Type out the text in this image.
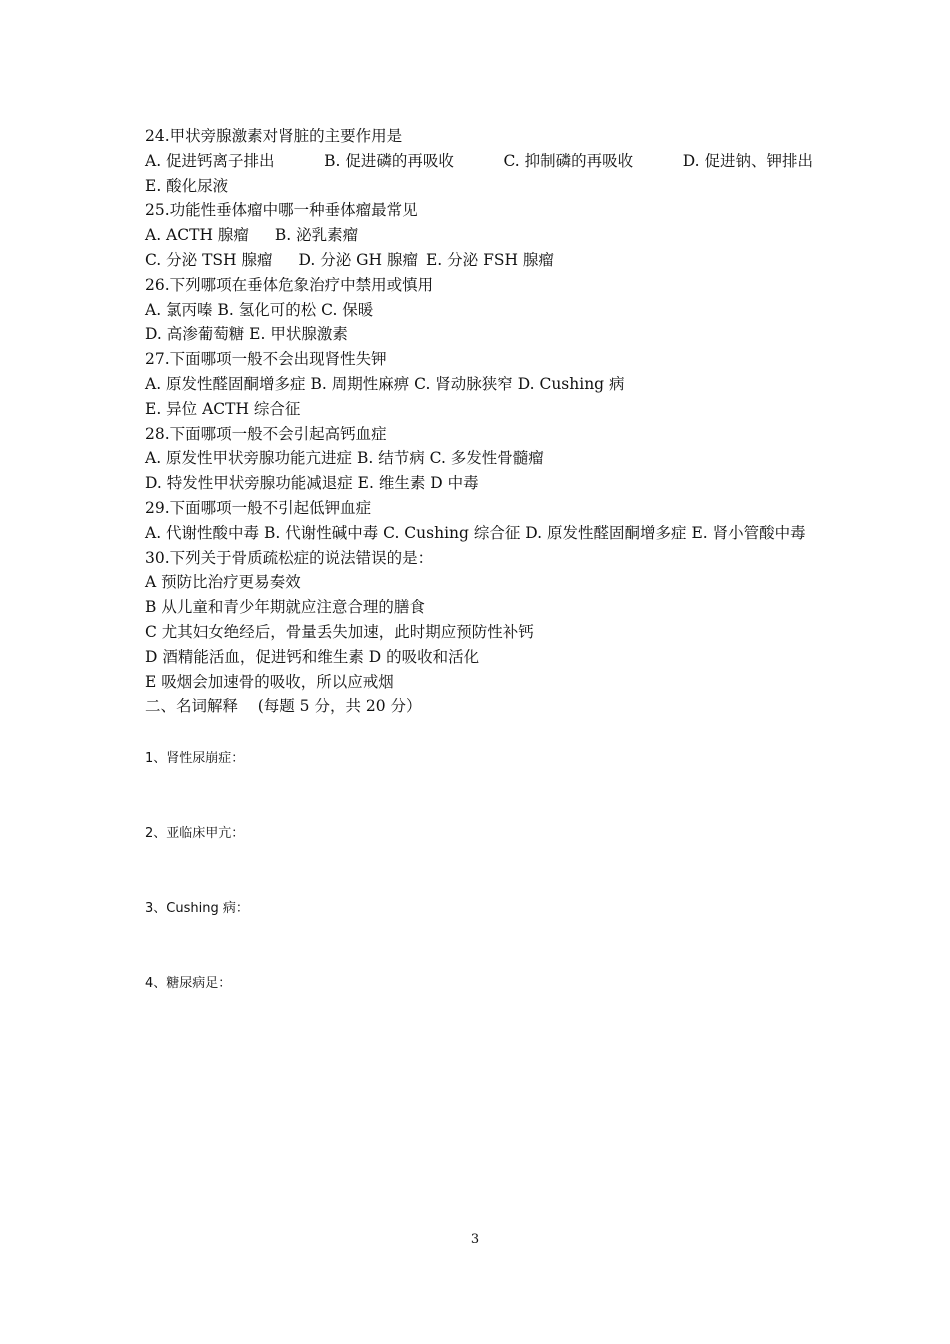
24.甲状旁腺激素对肾脏的主要作用是
A. 促进钙离子排出	B. 促进磷的再吸收	C. 抑制磷的再吸收	D. 促进钠、钾排出
E. 酸化尿液
25.功能性垂体瘤中哪一种垂体瘤最常见
A. ACTH 腺瘤 B. 泌乳素瘤
C. 分泌 TSH 腺瘤 D. 分泌 GH 腺瘤 E. 分泌 FSH 腺瘤
26.下列哪项在垂体危象治疗中禁用或慎用
A. 氯丙嗪 B. 氢化可的松 C. 保暖
D. 高渗葡萄糖 E. 甲状腺激素
27.下面哪项一般不会出现肾性失钾
A. 原发性醛固酮增多症 B. 周期性麻痹 C. 肾动脉狭窄 D. Cushing 病
E. 异位 ACTH 综合征
28.下面哪项一般不会引起高钙血症
A. 原发性甲状旁腺功能亢进症 B. 结节病 C. 多发性骨髓瘤
D. 特发性甲状旁腺功能减退症 E. 维生素 D 中毒
29.下面哪项一般不引起低钾血症
A. 代谢性酸中毒 B. 代谢性碱中毒 C. Cushing 综合征 D. 原发性醛固酮增多症 E. 肾小管酸中毒
30.下列关于骨质疏松症的说法错误的是：
A 预防比治疗更易奏效
B 从儿童和青少年期就应注意合理的膳食
C 尤其妇女绝经后，骨量丢失加速，此时期应预防性补钙
D 酒精能活血，促进钙和维生素 D 的吸收和活化
E 吸烟会加速骨的吸收，所以应戒烟
二、名词解释    (每题 5 分，共 20 分）
1、肾性尿崩症：
2、亚临床甲亢：
3、Cushing 病：
4、糖尿病足：
3
